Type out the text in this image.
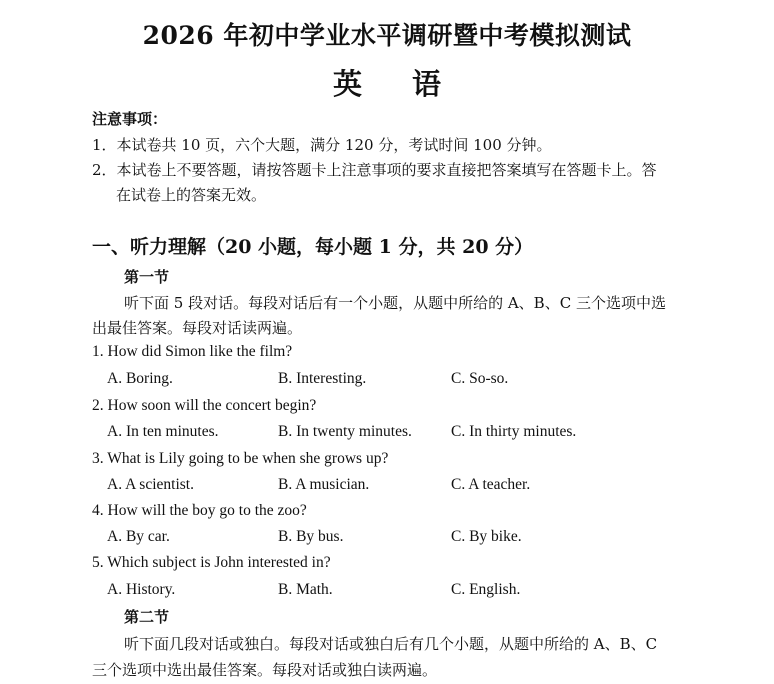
2026 年初中学业水平调研暨中考模拟测试
英语
注意事项：
1．本试卷共 10 页，六个大题，满分 120 分，考试时间 100 分钟。
2．本试卷上不要答题，请按答题卡上注意事项的要求直接把答案填写在答题卡上。答
在试卷上的答案无效。
一、听力理解（20 小题，每小题 1 分，共 20 分）
第一节
听下面 5 段对话。每段对话后有一个小题，从题中所给的 A、B、C 三个选项中选
出最佳答案。每段对话读两遍。
1. How did Simon like the film?
A. Boring.	B. Interesting.	C. So-so.
2. How soon will the concert begin?
A. In ten minutes.	B. In twenty minutes.	C. In thirty minutes.
3. What is Lily going to be when she grows up?
A. A scientist.	B. A musician.	C. A teacher.
4. How will the boy go to the zoo?
A. By car.	B. By bus.	C. By bike.
5. Which subject is John interested in?
A. History.	B. Math.	C. English.
第二节
听下面几段对话或独白。每段对话或独白后有几个小题，从题中所给的 A、B、C
三个选项中选出最佳答案。每段对话或独白读两遍。
